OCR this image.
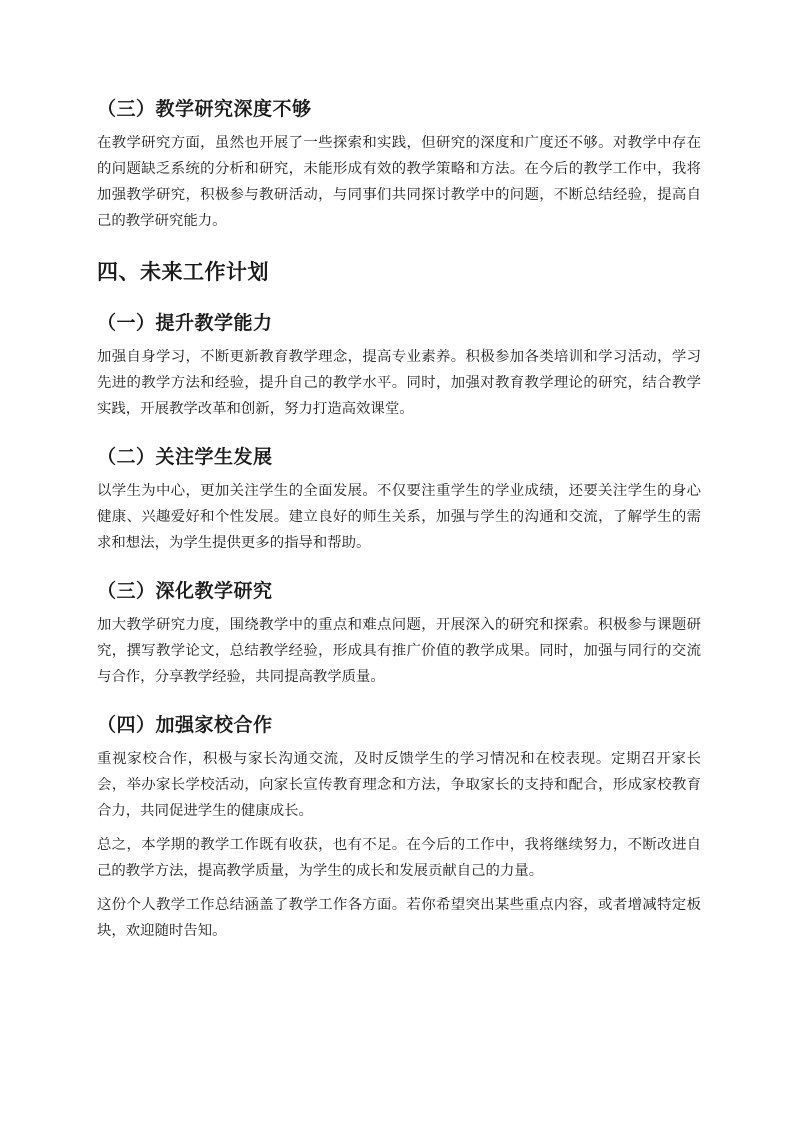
（三）教学研究深度不够

在教学研究方面，虽然也开展了一些探索和实践，但研究的深度和广度还不够。对教学中存在的问题缺乏系统的分析和研究，未能形成有效的教学策略和方法。在今后的教学工作中，我将加强教学研究，积极参与教研活动，与同事们共同探讨教学中的问题，不断总结经验，提高自己的教学研究能力。

四、未来工作计划
（一）提升教学能力

加强自身学习，不断更新教育教学理念，提高专业素养。积极参加各类培训和学习活动，学习先进的教学方法和经验，提升自己的教学水平。同时，加强对教育教学理论的研究，结合教学实践，开展教学改革和创新，努力打造高效课堂。

（二）关注学生发展

以学生为中心，更加关注学生的全面发展。不仅要注重学生的学业成绩，还要关注学生的身心健康、兴趣爱好和个性发展。建立良好的师生关系，加强与学生的沟通和交流，了解学生的需求和想法，为学生提供更多的指导和帮助。

（三）深化教学研究

加大教学研究力度，围绕教学中的重点和难点问题，开展深入的研究和探索。积极参与课题研究，撰写教学论文，总结教学经验，形成具有推广价值的教学成果。同时，加强与同行的交流与合作，分享教学经验，共同提高教学质量。

（四）加强家校合作

重视家校合作，积极与家长沟通交流，及时反馈学生的学习情况和在校表现。定期召开家长会，举办家长学校活动，向家长宣传教育理念和方法，争取家长的支持和配合，形成家校教育合力，共同促进学生的健康成长。

总之，本学期的教学工作既有收获，也有不足。在今后的工作中，我将继续努力，不断改进自己的教学方法，提高教学质量，为学生的成长和发展贡献自己的力量。

这份个人教学工作总结涵盖了教学工作各方面。若你希望突出某些重点内容，或者增减特定板块，欢迎随时告知。
